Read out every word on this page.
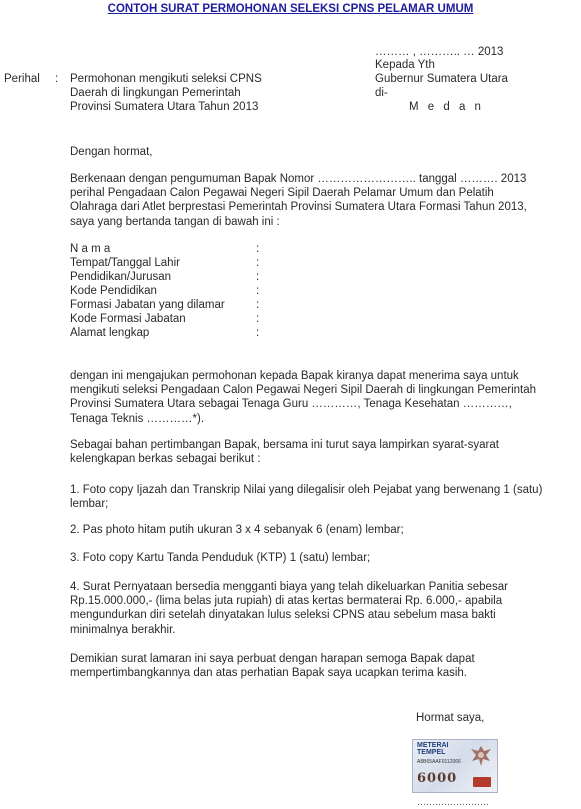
CONTOH SURAT PERMOHONAN SELEKSI CPNS PELAMAR UMUM
……… , ……….. … 2013
Kepada Yth
Gubernur Sumatera Utara
di-
M e d a n
Perihal : Permohonan mengikuti seleksi CPNS
Daerah di lingkungan Pemerintah
Provinsi Sumatera Utara Tahun 2013
Dengan hormat,
Berkenaan dengan pengumuman Bapak Nomor …………………….. tanggal ………. 2013
perihal Pengadaan Calon Pegawai Negeri Sipil Daerah Pelamar Umum dan Pelatih
Olahraga dari Atlet berprestasi Pemerintah Provinsi Sumatera Utara Formasi Tahun 2013,
saya yang bertanda tangan di bawah ini :
N a m a
Tempat/Tanggal Lahir
Pendidikan/Jurusan
Kode Pendidikan
Formasi Jabatan yang dilamar
Kode Formasi Jabatan
Alamat lengkap
:
:
:
:
:
:
:
dengan ini mengajukan permohonan kepada Bapak kiranya dapat menerima saya untuk
mengikuti seleksi Pengadaan Calon Pegawai Negeri Sipil Daerah di lingkungan Pemerintah
Provinsi Sumatera Utara sebagai Tenaga Guru …………, Tenaga Kesehatan …………,
Tenaga Teknis …………*).
Sebagai bahan pertimbangan Bapak, bersama ini turut saya lampirkan syarat-syarat
kelengkapan berkas sebagai berikut :
1. Foto copy Ijazah dan Transkrip Nilai yang dilegalisir oleh Pejabat yang berwenang 1 (satu)
lembar;
2. Pas photo hitam putih ukuran 3 x 4 sebanyak 6 (enam) lembar;
3. Foto copy Kartu Tanda Penduduk (KTP) 1 (satu) lembar;
4. Surat Pernyataan bersedia mengganti biaya yang telah dikeluarkan Panitia sebesar
Rp.15.000.000,- (lima belas juta rupiah) di atas kertas bermaterai Rp. 6.000,- apabila
mengundurkan diri setelah dinyatakan lulus seleksi CPNS atau sebelum masa bakti
minimalnya berakhir.
Demikian surat lamaran ini saya perbuat dengan harapan semoga Bapak dapat
mempertimbangkannya dan atas perhatian Bapak saya ucapkan terima kasih.
Hormat saya,
METERAI
TEMPEL
A8B65AAF0112066
6000
……………………
